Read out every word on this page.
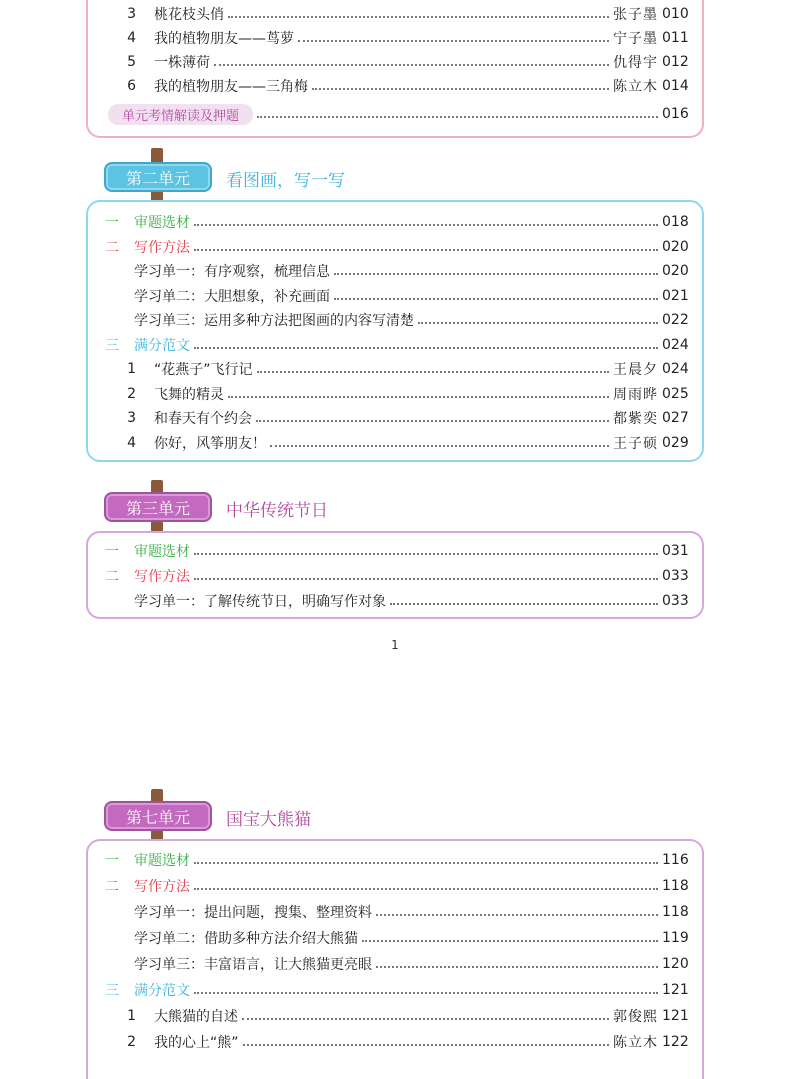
3	桃花枝头俏	张子墨 010
4	我的植物朋友——茑萝	宁子墨 011
5	一株薄荷	仇得宇 012
6	我的植物朋友——三角梅	陈立木 014
单元考情解读及押题	016
第二单元 看图画，写一写
一	审题选材	018
二	写作方法	020
学习单一：有序观察，梳理信息	020
学习单二：大胆想象，补充画面	021
学习单三：运用多种方法把图画的内容写清楚	022
三	满分范文	024
1	“花燕子”飞行记	王晨夕 024
2	飞舞的精灵	周雨晔 025
3	和春天有个约会	都紫奕 027
4	你好，风筝朋友！	王子硕 029
第三单元 中华传统节日
一	审题选材	031
二	写作方法	033
学习单一：了解传统节日，明确写作对象	033
1
第七单元 国宝大熊猫
一	审题选材	116
二	写作方法	118
学习单一：提出问题，搜集、整理资料	118
学习单二：借助多种方法介绍大熊猫	119
学习单三：丰富语言，让大熊猫更亮眼	120
三	满分范文	121
1	大熊猫的自述	郭俊熙 121
2	我的心上“熊”	陈立木 122
